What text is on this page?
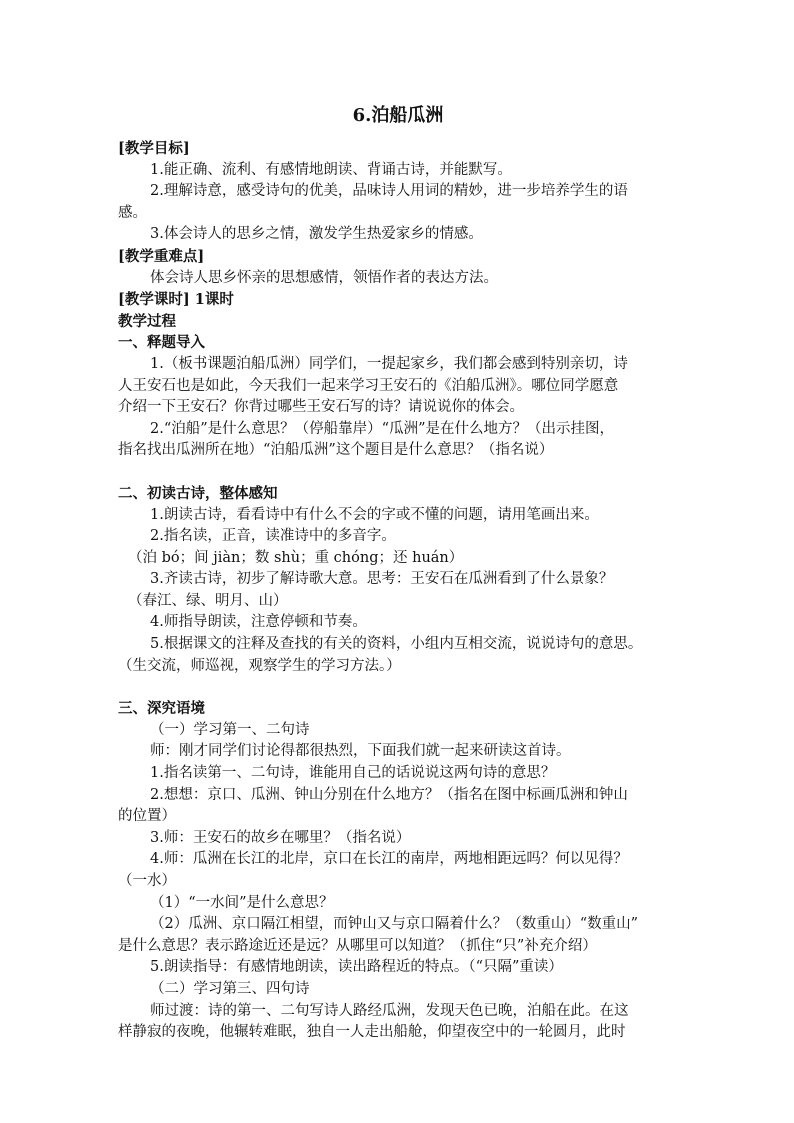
6.泊船瓜洲

[教学目标]

1.能正确、流利、有感情地朗读、背诵古诗，并能默写。

2.理解诗意，感受诗句的优美，品味诗人用词的精妙，进一步培养学生的语

感。

3.体会诗人的思乡之情，激发学生热爱家乡的情感。

[教学重难点]

体会诗人思乡怀亲的思想感情，领悟作者的表达方法。

[教学课时] 1课时

教学过程

一、释题导入

1.（板书课题泊船瓜洲）同学们，一提起家乡，我们都会感到特别亲切，诗

人王安石也是如此，今天我们一起来学习王安石的《泊船瓜洲》。哪位同学愿意

介绍一下王安石？你背过哪些王安石写的诗？请说说你的体会。

2.“泊船”是什么意思？（停船靠岸）“瓜洲”是在什么地方？（出示挂图，

指名找出瓜洲所在地）“泊船瓜洲”这个题目是什么意思？（指名说）

二、初读古诗，整体感知

1.朗读古诗，看看诗中有什么不会的字或不懂的问题，请用笔画出来。

2.指名读，正音，读准诗中的多音字。

（泊 bó；间 jiàn；数 shù；重 chóng；还 huán）

3.齐读古诗，初步了解诗歌大意。思考：王安石在瓜洲看到了什么景象？

（春江、绿、明月、山）

4.师指导朗读，注意停顿和节奏。

5.根据课文的注释及查找的有关的资料，小组内互相交流，说说诗句的意思。

（生交流，师巡视，观察学生的学习方法。）

三、深究语境

（一）学习第一、二句诗

师：刚才同学们讨论得都很热烈，下面我们就一起来研读这首诗。

1.指名读第一、二句诗，谁能用自己的话说说这两句诗的意思？

2.想想：京口、瓜洲、钟山分别在什么地方？（指名在图中标画瓜洲和钟山

的位置）

3.师：王安石的故乡在哪里？（指名说）

4.师：瓜洲在长江的北岸，京口在长江的南岸，两地相距远吗？何以见得？

（一水）

（1）“一水间”是什么意思？

（2）瓜洲、京口隔江相望，而钟山又与京口隔着什么？（数重山）“数重山”

是什么意思？表示路途近还是远？从哪里可以知道？（抓住“只”补充介绍）

5.朗读指导：有感情地朗读，读出路程近的特点。（“只隔”重读）

（二）学习第三、四句诗

师过渡：诗的第一、二句写诗人路经瓜洲，发现天色已晚，泊船在此。在这

样静寂的夜晚，他辗转难眠，独自一人走出船舱，仰望夜空中的一轮圆月，此时
